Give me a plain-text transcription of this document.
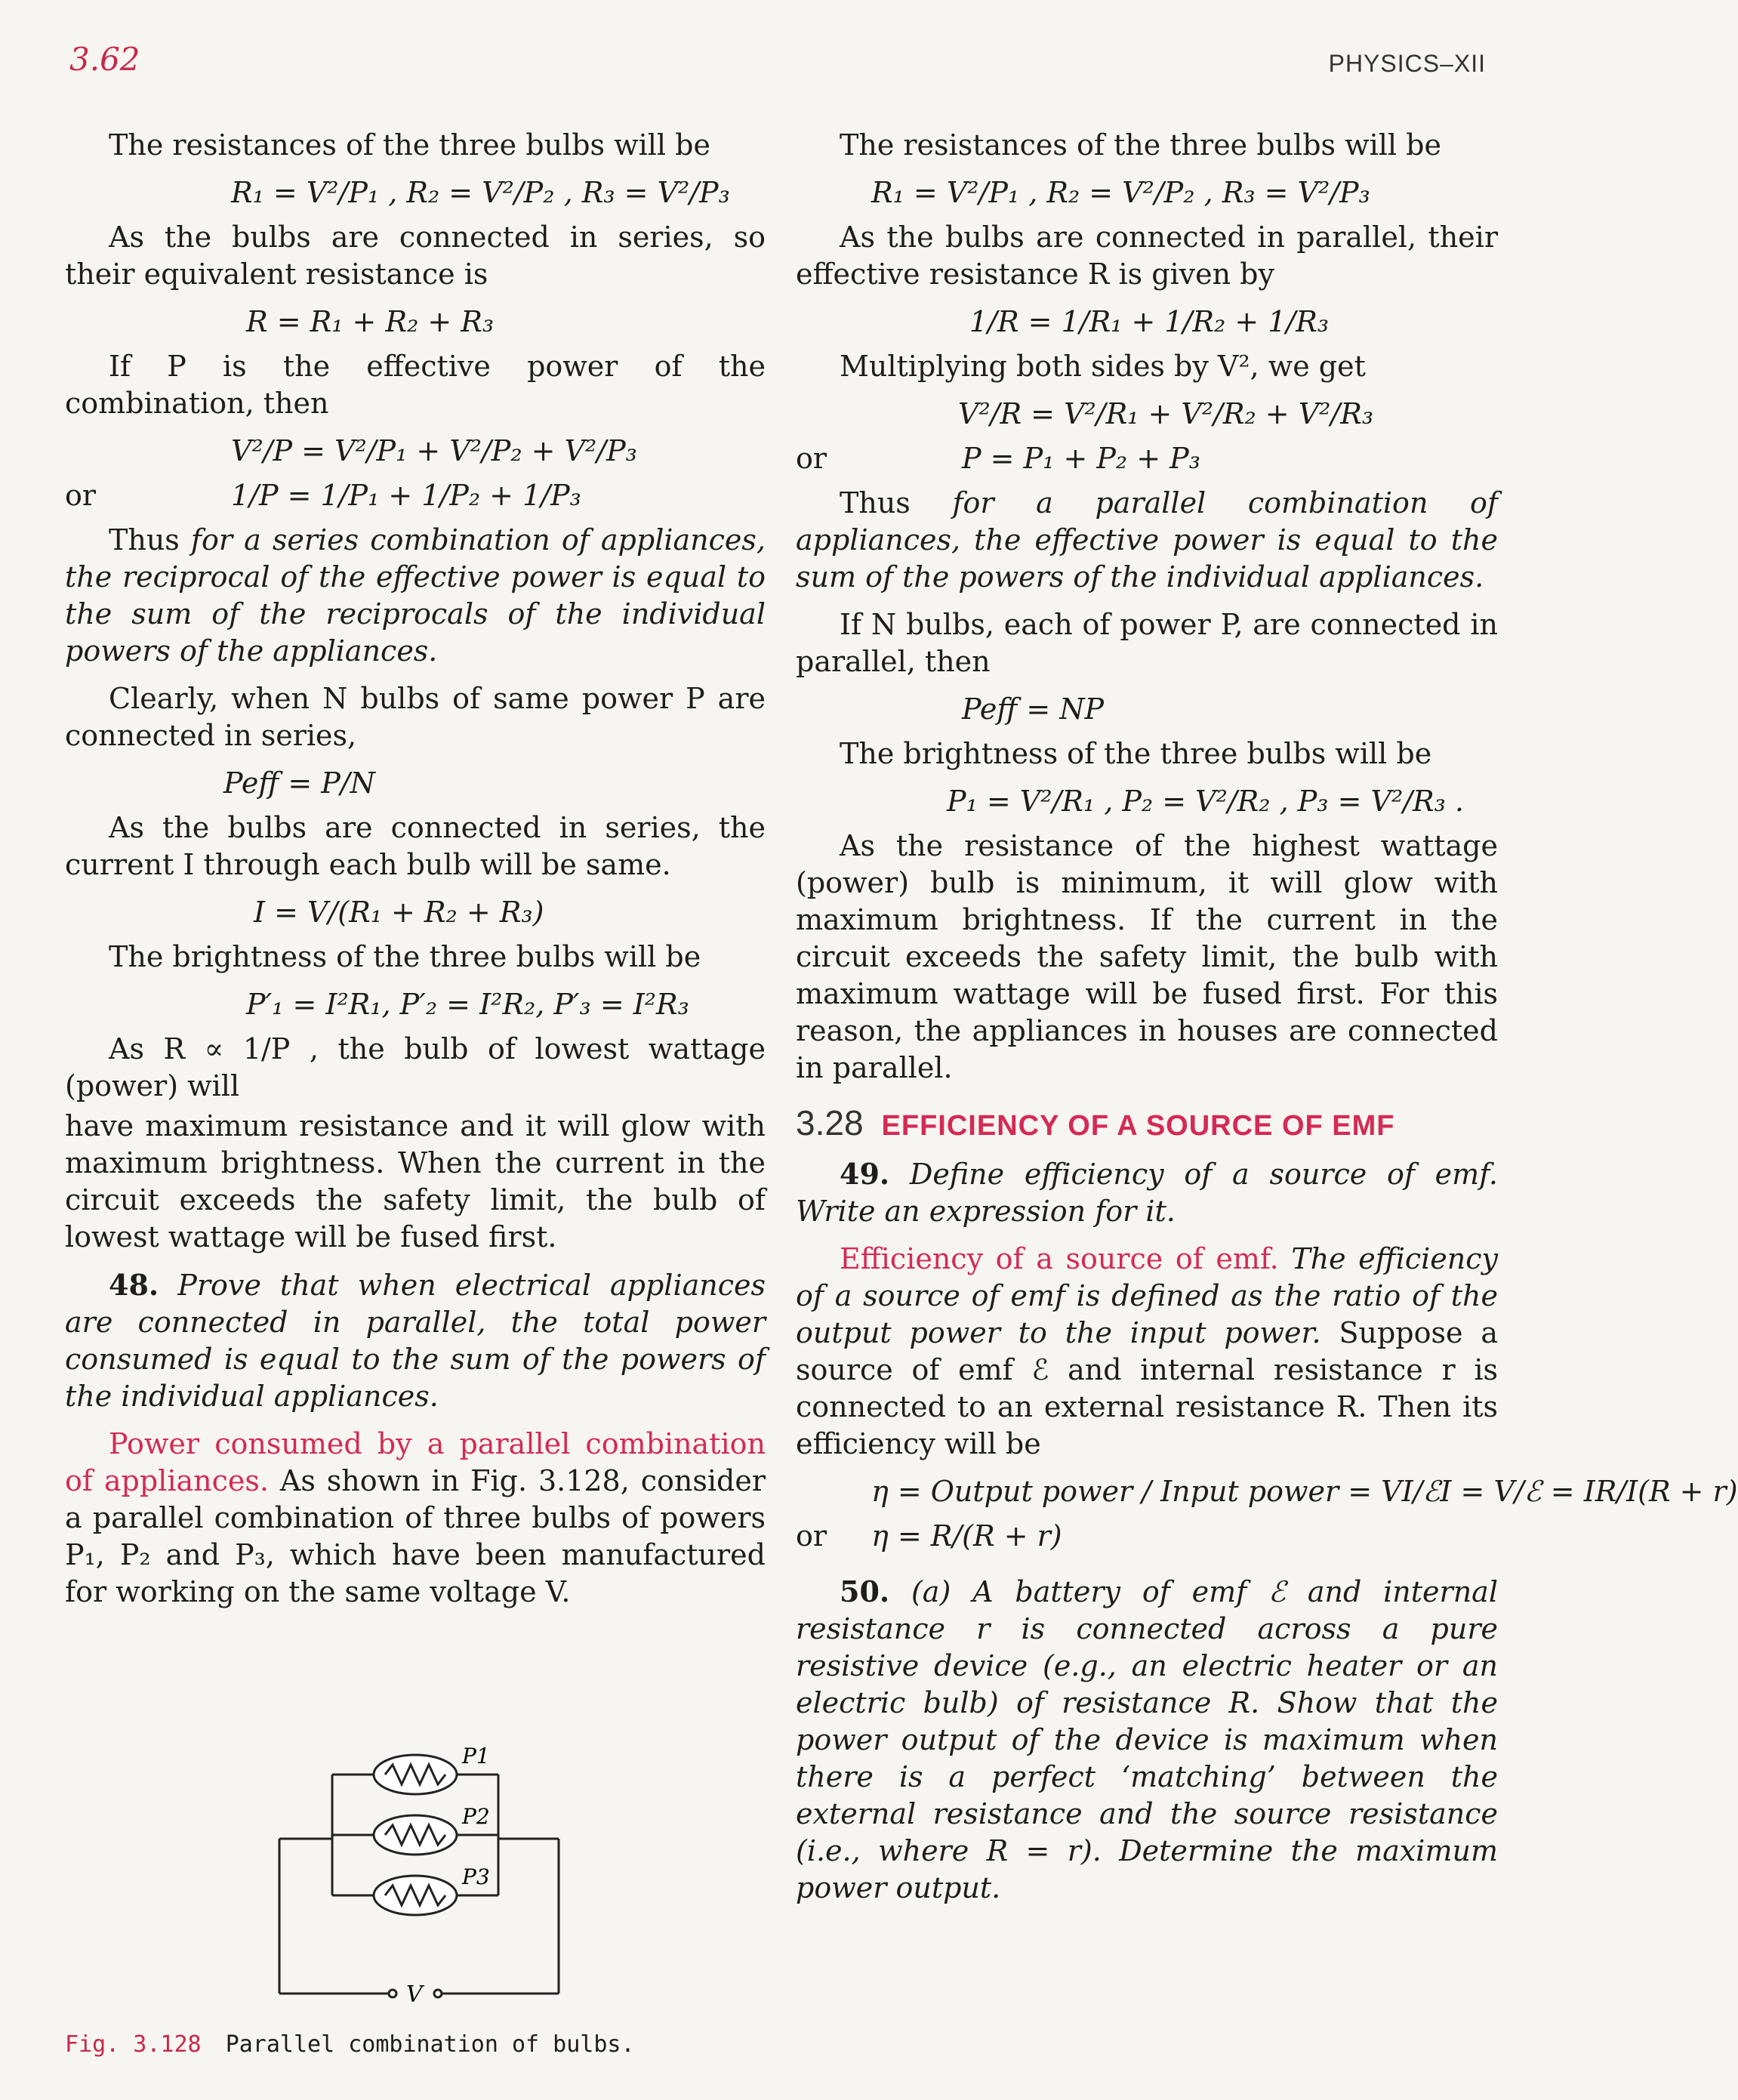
3.62	PHYSICS–XII

The resistances of the three bulbs will be

R₁ = V²/P₁ , R₂ = V²/P₂ , R₃ = V²/P₃

As the bulbs are connected in series, so their equivalent resistance is

R = R₁ + R₂ + R₃

If P is the effective power of the combination, then

V²/P = V²/P₁ + V²/P₂ + V²/P₃
or	1/P = 1/P₁ + 1/P₂ + 1/P₃

Thus for a series combination of appliances, the reciprocal of the effective power is equal to the sum of the reciprocals of the individual powers of the appliances.

Clearly, when N bulbs of same power P are connected in series,

Peff = P/N

As the bulbs are connected in series, the current I through each bulb will be same.

I = V/(R₁ + R₂ + R₃)

The brightness of the three bulbs will be

P′₁ = I²R₁, P′₂ = I²R₂, P′₃ = I²R₃

As R ∝ 1/P , the bulb of lowest wattage (power) will

have maximum resistance and it will glow with maximum brightness. When the current in the circuit exceeds the safety limit, the bulb of lowest wattage will be fused first.

48. Prove that when electrical appliances are connected in parallel, the total power consumed is equal to the sum of the powers of the individual appliances.

Power consumed by a parallel combination of appliances. As shown in Fig. 3.128, consider a parallel combination of three bulbs of powers P₁, P₂ and P₃, which have been manufactured for working on the same voltage V.

P1
P2
P3
V
Fig. 3.128 Parallel combination of bulbs.

The resistances of the three bulbs will be

R₁ = V²/P₁ , R₂ = V²/P₂ , R₃ = V²/P₃

As the bulbs are connected in parallel, their effective resistance R is given by

1/R = 1/R₁ + 1/R₂ + 1/R₃

Multiplying both sides by V², we get

V²/R = V²/R₁ + V²/R₂ + V²/R₃
or	P = P₁ + P₂ + P₃

Thus for a parallel combination of appliances, the effective power is equal to the sum of the powers of the individual appliances.

If N bulbs, each of power P, are connected in parallel, then

Peff = NP

The brightness of the three bulbs will be

P₁ = V²/R₁ , P₂ = V²/R₂ , P₃ = V²/R₃ .

As the resistance of the highest wattage (power) bulb is minimum, it will glow with maximum brightness. If the current in the circuit exceeds the safety limit, the bulb with maximum wattage will be fused first. For this reason, the appliances in houses are connected in parallel.

3.28 EFFICIENCY OF A SOURCE OF EMF

49. Define efficiency of a source of emf. Write an expression for it.

Efficiency of a source of emf. The efficiency of a source of emf is defined as the ratio of the output power to the input power. Suppose a source of emf ℰ and internal resistance r is connected to an external resistance R. Then its efficiency will be

η = Output power / Input power = VI/ℰI = V/ℰ = IR/I(R + r)
or	η = R/(R + r)

50. (a) A battery of emf ℰ and internal resistance r is connected across a pure resistive device (e.g., an electric heater or an electric bulb) of resistance R. Show that the power output of the device is maximum when there is a perfect ‘matching’ between the external resistance and the source resistance (i.e., where R = r). Determine the maximum power output.
